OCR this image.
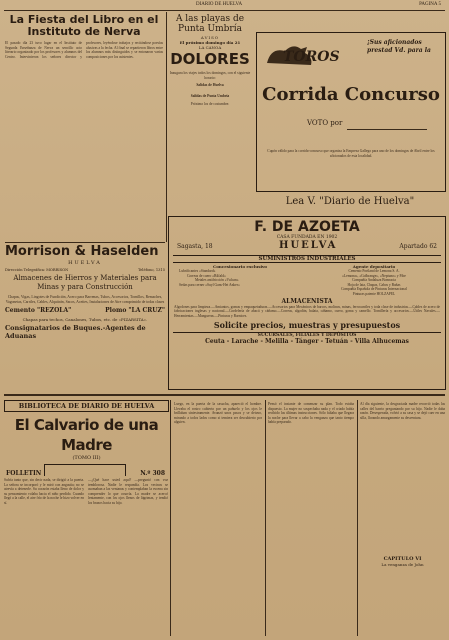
DIARIO DE HUELVA	PAGINA 5
La Fiesta del Libro en el
Instituto de Nerva
El pasado día 23 tuvo lugar en el Instituto de Segunda Enseñanza de Nerva un sencillo acto literario organizado por los profesores y alumnos del Centro. Intervinieron los señores director y profesores, leyéndose trabajos y recitándose poesías alusivas a la fecha. Al final se repartieron libros entre los alumnos más distinguidos y se entonaron varias composiciones por los asistentes.
Morrison & Haselden
HUELVA
Dirección Telegráfica: MORRISON	Teléfono, 1315
Almacenes de Hierros y Materiales para
Minas y para Construcción
Chapas, Vigas, Lingotes de Fundición, Acero para Barrenas, Tubos, Accesorios, Tornillos, Remaches, Vagonetas, Carriles, Cables, Alquitrán, Sacos, Aceites, Instalaciones de Aire comprimido de todas clases
Cemento "REZOLA"	Plomo "LA CRUZ"
Chapas para techos, Canalones, Tubos, etc. de «PIZARSITA».
Consignatarios de Buques.-Agentes de Aduanas
A las playas de Punta Umbría
AVISO
El próximo domingo día 21
LA CANOA
DOLORES
Inaugura los viajes todos los domingos, con el siguiente horario:
Salidas de Huelva
Salidas de Punta Umbría
Próximo los de costumbre.
TOROS
¡Sus aficionados prestad Vd. para la
Corrida Concurso
VOTO por
Cupón válido para la corrida-concurso que organiza la Empresa Gallego para uno de los domingos de Abril entre los aficionados de esta localidad.
Lea V. "Diario de Huelva"
F. DE AZOETA
CASA FUNDADA EN 1902
Sagasta, 18	HUELVA	Apartado 62
SUMINISTROS INDUSTRIALES
Concesionario exclusivo
Lubrificantes «Standard»
Correas de cuero «Bilfald»
Metales antifricción «Vulcan»
Sedas para cerner «Suyl Gans-Het Anker»
Agente depositario
Cemento Portland de Lemona S. A.
«Lemona», «Golbrange», «Neptuno» y Fibe
Compañía Andaluza Bonnacia
Hoja de lata, Chapas, Cabos y Bañas
Compañía Española de Pinturas Internacional
Pinturas patente HOLZAPEL
ALMACENISTA
Algodones para limpieza.—Amiantos, gomas y empaquetaduras.—Accesorios para Mecánicos de barcos, molinos, minas, ferrocarriles y toda clase de industrias.—Cables de acero de fabricaciones inglesas y nacional.—Cordelería de abacá y cáñamo.—Correas, algodón, balata, cáñamo, cuero, goma y camello. Tornillería y accesorios.—Útiles Navales.—Herramientas.—Mangueras.—Pinturas y Barnices.
Solicite precios, muestras y presupuestos
SUCURSALES, FILIALES Y DEPÓSITOS
Ceuta - Larache - Melilla - Tánger - Tetuán - Villa Alhucemas
BIBLIOTECA DE DIARIO DE HUELVA
El Calvario de una Madre
(TOMO III)
FOLLETIN	N.º 308
Sufría tanto que, sin decir nada, se dirigió a la puerta. La señora se incorporó y le miró con angustia; no se atrevía a detenerle. Su corazón estaba lleno de dolor y su pensamiento volaba hacia el niño perdido. Cuando llegó a la calle, el aire frío de la noche le hizo volver en sí.
—¿Qué hace usted aquí? —preguntó con voz temblorosa. Nadie le respondía. Los vecinos se asomaban a las ventanas y contemplaban la escena sin comprender lo que ocurría. La madre se acercó lentamente, con los ojos llenos de lágrimas, y tendió los brazos hacia su hijo.
Luego, en la puerta de la casucha, apareció el hombre. Llevaba el rostro cubierto por un pañuelo y los ojos le brillaban siniestramente. Avanzó unos pasos y se detuvo, mirando a todos lados como si temiera ser descubierto por alguien.
Pensó el instante de comenzar su plan. Todo estaba dispuesto. La mujer no sospechaba nada y el criado había recibido las últimas instrucciones. Sólo faltaba que llegara la noche para llevar a cabo la venganza que tanto tiempo había preparado.
Al día siguiente, la desgraciada madre recorrió todas las calles del barrio preguntando por su hijo. Nadie le daba razón. Desesperada, volvió a su casa y se dejó caer en una silla, llorando amargamente su desventura.
CAPITULO VI
La venganza de John
